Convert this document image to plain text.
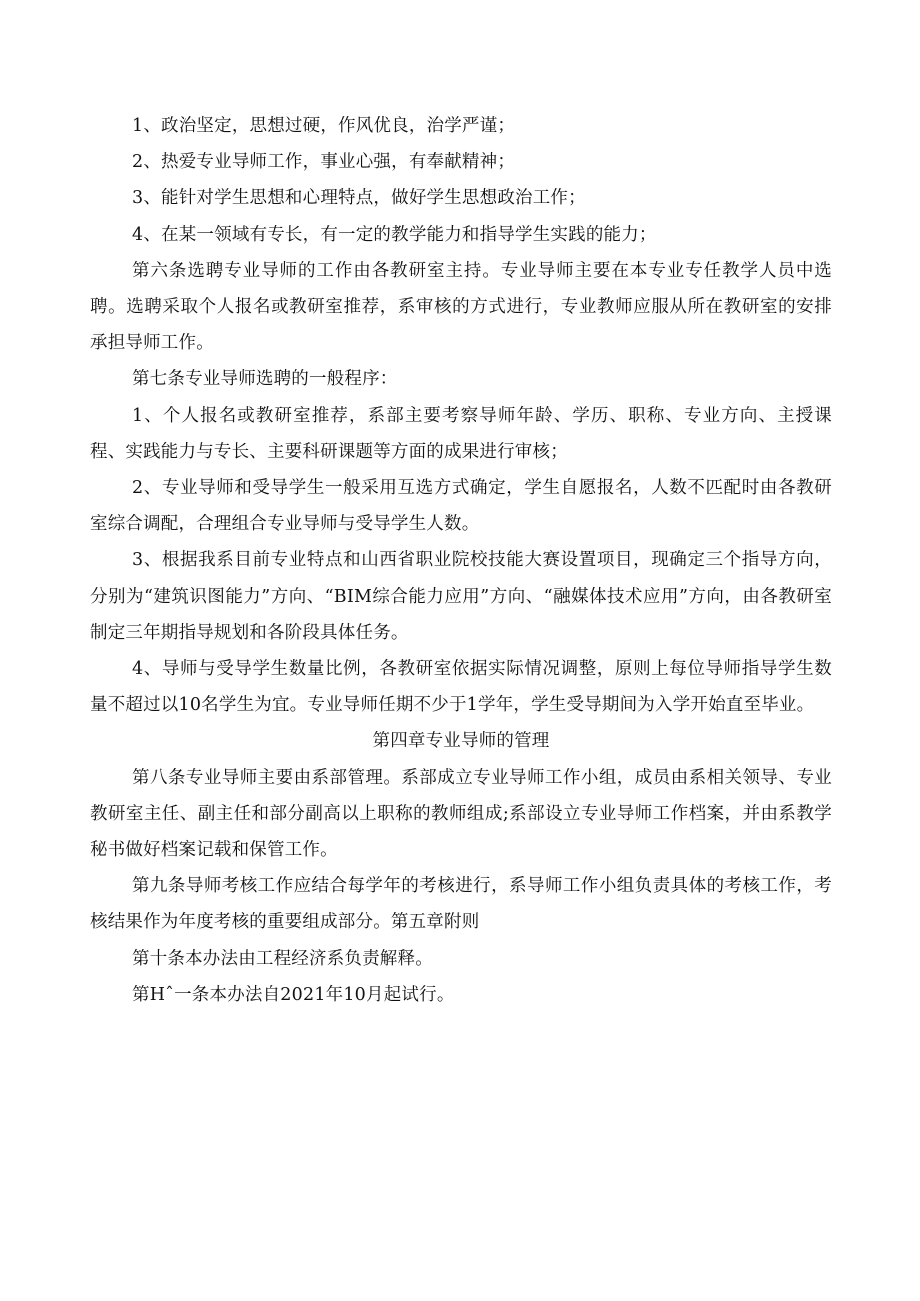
1、政治坚定，思想过硬，作风优良，治学严谨；

2、热爱专业导师工作，事业心强，有奉献精神；

3、能针对学生思想和心理特点，做好学生思想政治工作；

4、在某一领域有专长，有一定的教学能力和指导学生实践的能力；

第六条选聘专业导师的工作由各教研室主持。专业导师主要在本专业专任教学人员中选聘。选聘采取个人报名或教研室推荐，系审核的方式进行，专业教师应服从所在教研室的安排承担导师工作。

第七条专业导师选聘的一般程序：

1、个人报名或教研室推荐，系部主要考察导师年龄、学历、职称、专业方向、主授课程、实践能力与专长、主要科研课题等方面的成果进行审核；

2、专业导师和受导学生一般采用互选方式确定，学生自愿报名，人数不匹配时由各教研室综合调配，合理组合专业导师与受导学生人数。

3、根据我系目前专业特点和山西省职业院校技能大赛设置项目，现确定三个指导方向，分别为“建筑识图能力”方向、“BIM综合能力应用”方向、“融媒体技术应用”方向，由各教研室制定三年期指导规划和各阶段具体任务。

4、导师与受导学生数量比例，各教研室依据实际情况调整，原则上每位导师指导学生数量不超过以10名学生为宜。专业导师任期不少于1学年，学生受导期间为入学开始直至毕业。

第四章专业导师的管理

第八条专业导师主要由系部管理。系部成立专业导师工作小组，成员由系相关领导、专业教研室主任、副主任和部分副高以上职称的教师组成;系部设立专业导师工作档案，并由系教学秘书做好档案记载和保管工作。

第九条导师考核工作应结合每学年的考核进行，系导师工作小组负责具体的考核工作，考核结果作为年度考核的重要组成部分。第五章附则

第十条本办法由工程经济系负责解释。

第Hˆ一条本办法自2021年10月起试行。
